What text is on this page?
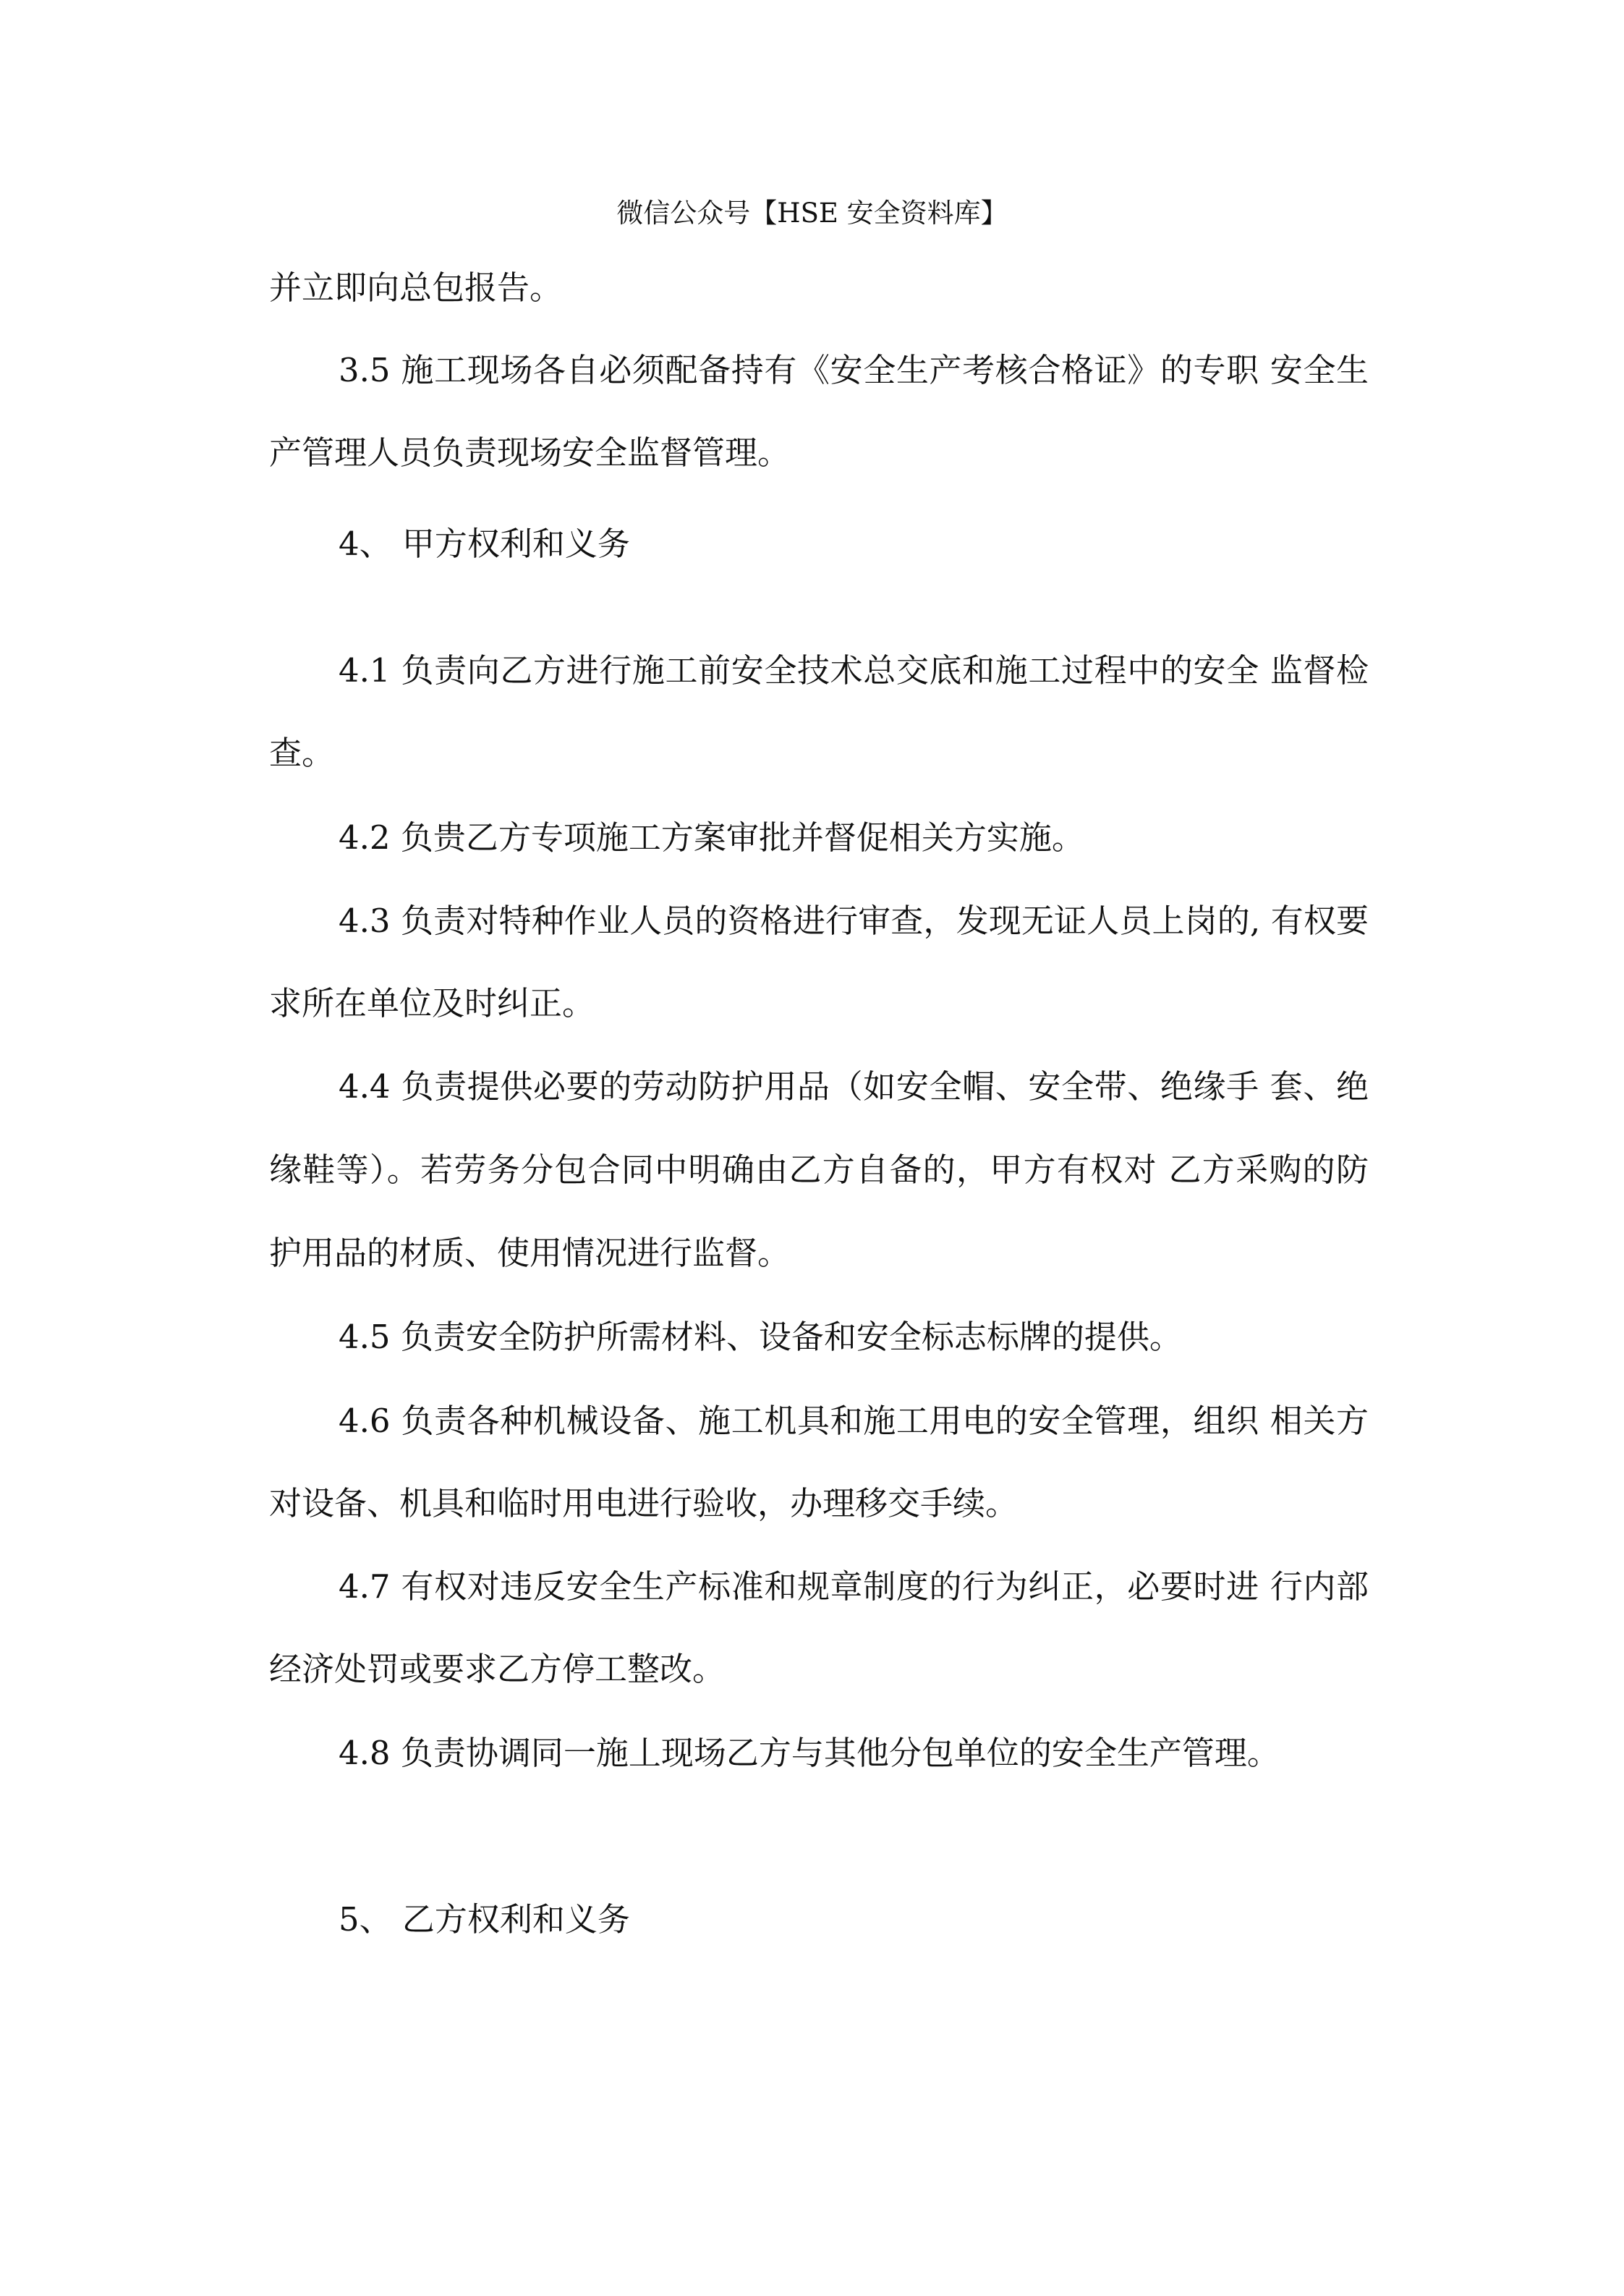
微信公众号【HSE 安全资料库】
并立即向总包报告。
3.5 施工现场各自必须配备持有《安全生产考核合格证》的专职 安全生
产管理人员负责现场安全监督管理。
4、 甲方权利和义务
4.1 负责向乙方进行施工前安全技术总交底和施工过程中的安全 监督检
查。
4.2 负贵乙方专项施工方案审批并督促相关方实施。
4.3 负责对特种作业人员的资格进行审查，发现无证人员上岗的, 有权要
求所在单位及时纠正。
4.4 负责提供必要的劳动防护用品（如安全帽、安全带、绝缘手 套、绝
缘鞋等）。若劳务分包合同中明确由乙方自备的，甲方有权对 乙方采购的防
护用品的材质、使用情况进行监督。
4.5 负责安全防护所需材料、设备和安全标志标牌的提供。
4.6 负责各种机械设备、施工机具和施工用电的安全管理，组织 相关方
对设备、机具和临时用电进行验收，办理移交手续。
4.7 有权对违反安全生产标准和规章制度的行为纠正，必要时进 行内部
经济处罚或要求乙方停工整改。
4.8 负责协调同一施丄现场乙方与其他分包单位的安全生产管理。
5、 乙方权利和义务
